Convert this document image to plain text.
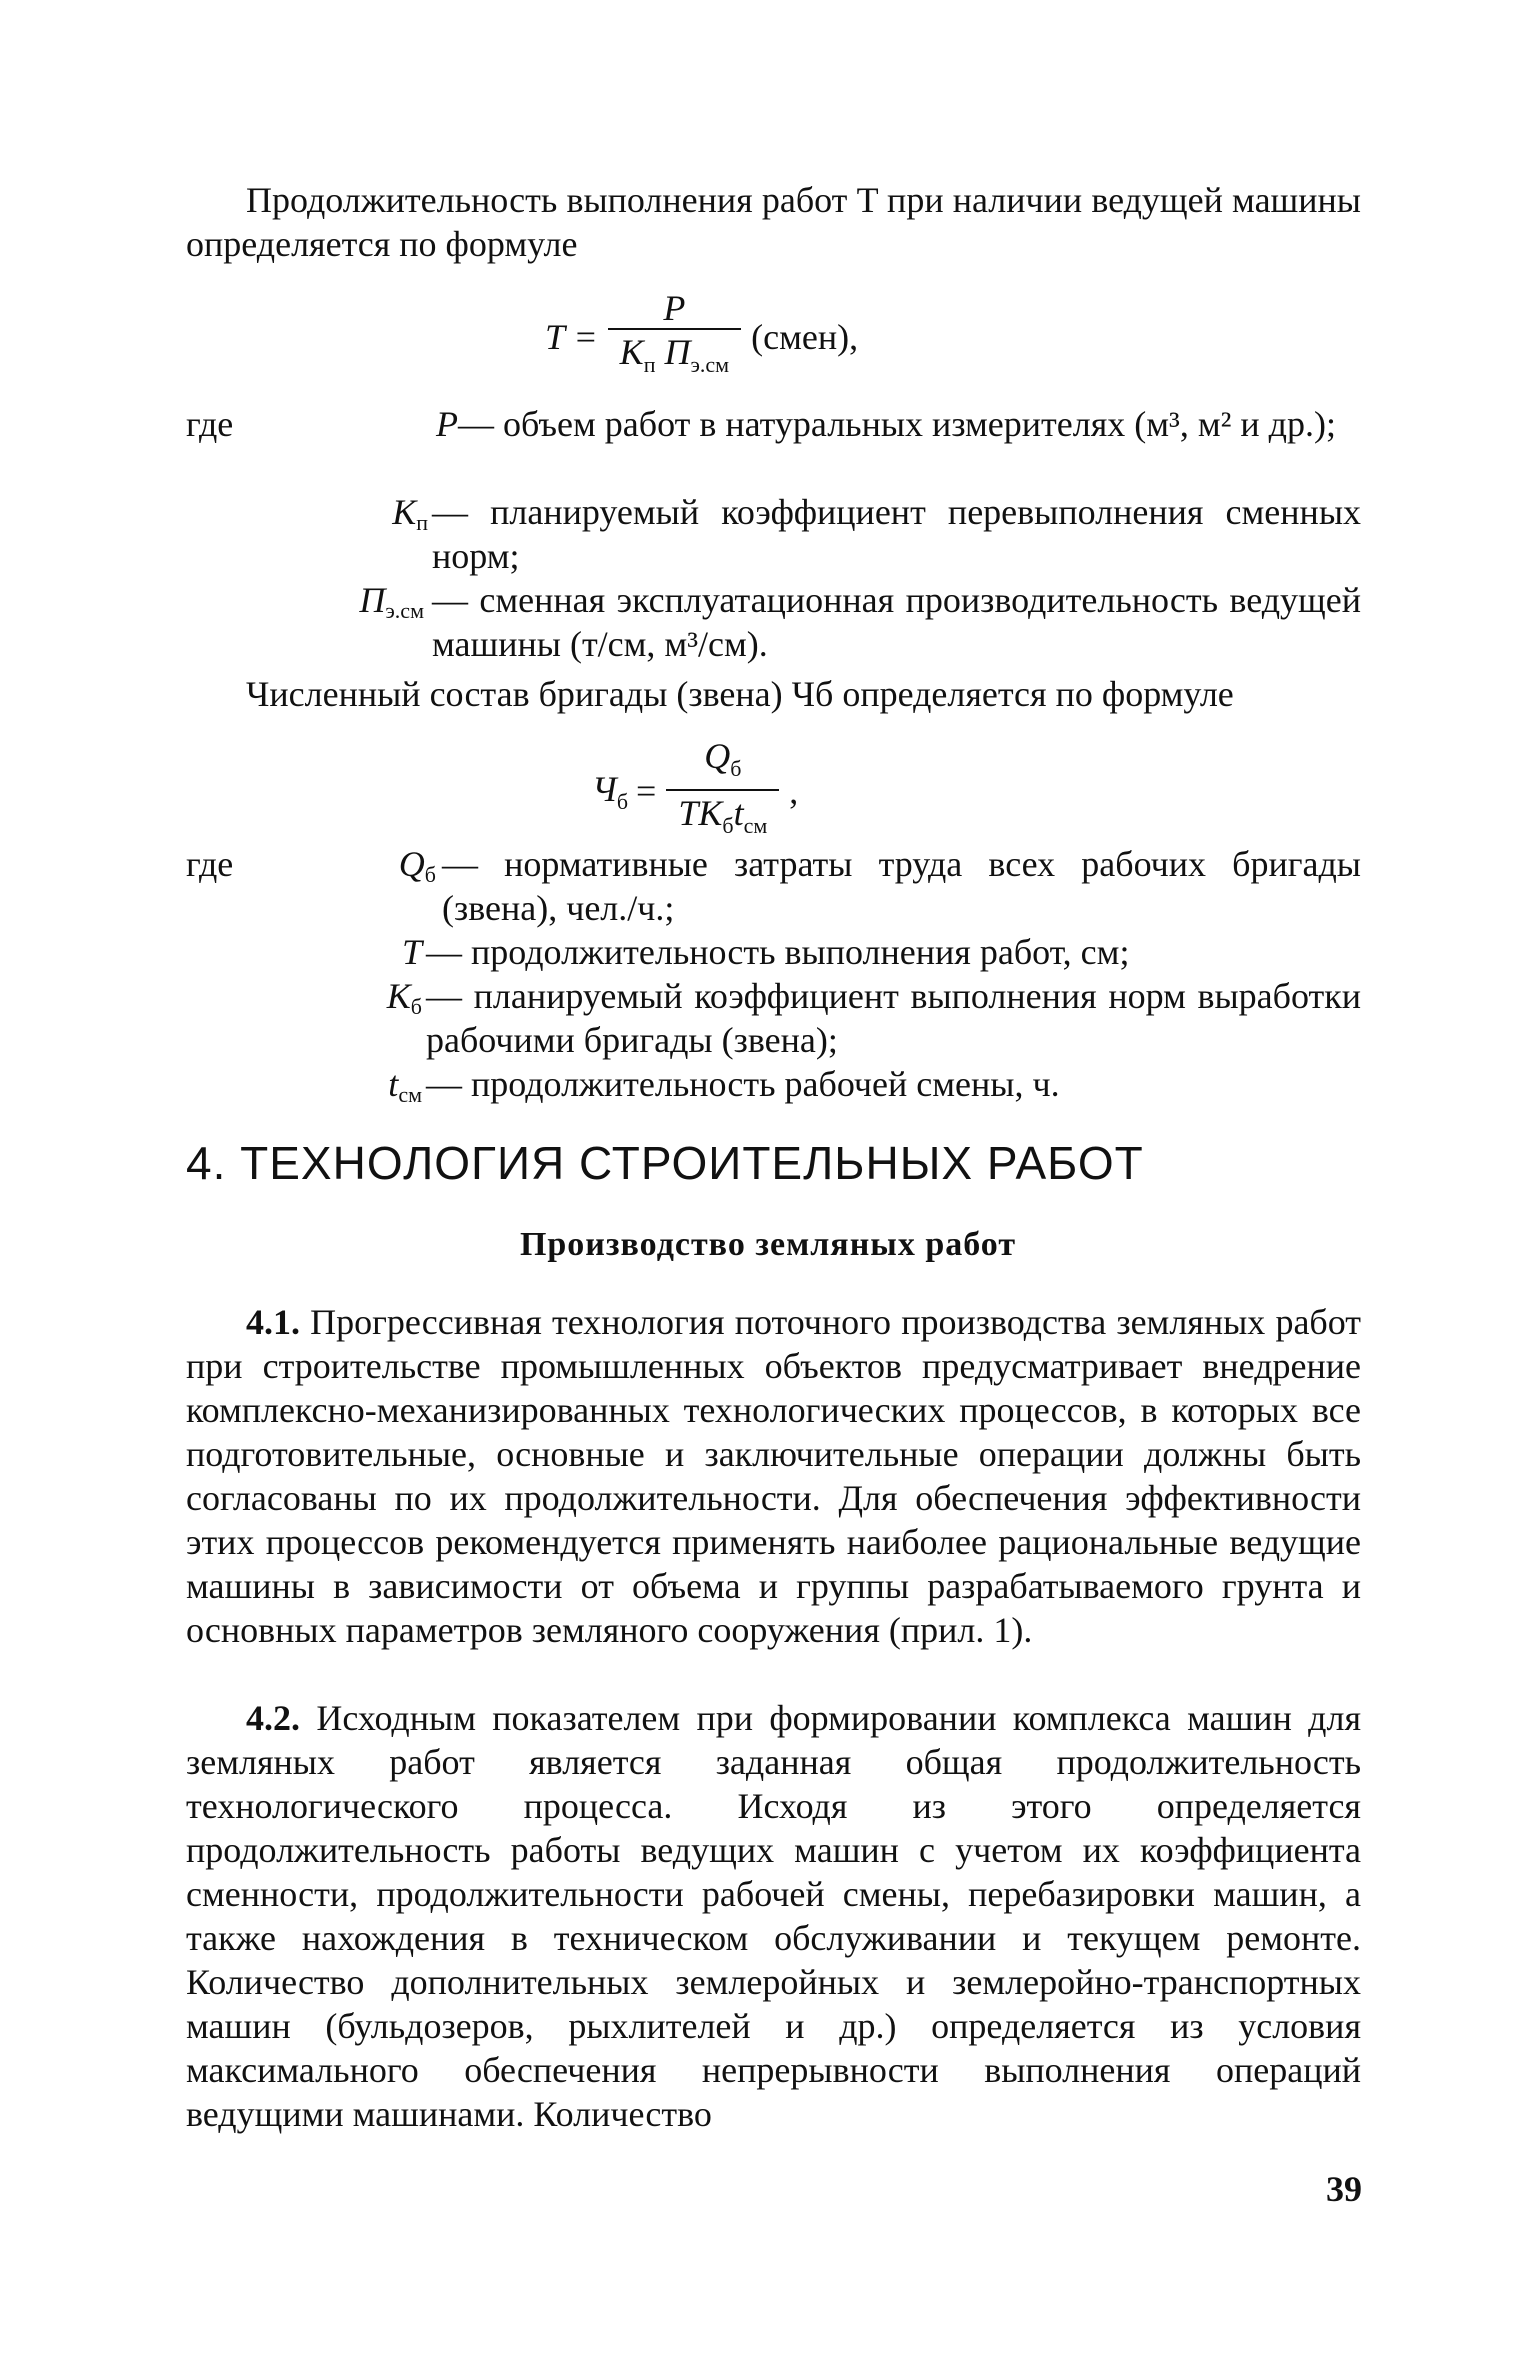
Продолжительность выполнения работ T при наличии ведущей машины определяется по формуле
$T = \frac{P}{K_п П_{э.см}}$ (смен),
где	P — объем работ в натуральных измерителях (м³, м² и др.);
$K_п$ — планируемый коэффициент перевыполнения сменных норм;
$П_{э.см}$ — сменная эксплуатационная производительность ведущей машины (т/см, м³/см).
Численный состав бригады (звена) Чб определяется по формуле
$Ч_б = \frac{Q_б}{TK_бt_{см}}$ ,
где	$Q_б$ — нормативные затраты труда всех рабочих бригады (звена), чел./ч.;
T — продолжительность выполнения работ, см;
$K_б$ — планируемый коэффициент выполнения норм выработки рабочими бригады (звена);
$t_{см}$ — продолжительность рабочей смены, ч.
4. ТЕХНОЛОГИЯ СТРОИТЕЛЬНЫХ РАБОТ
Производство земляных работ
4.1. Прогрессивная технология поточного производства земляных работ при строительстве промышленных объектов предусматривает внедрение комплексно-механизированных технологических процессов, в которых все подготовительные, основные и заключительные операции должны быть согласованы по их продолжительности. Для обеспечения эффективности этих процессов рекомендуется применять наиболее рациональные ведущие машины в зависимости от объема и группы разрабатываемого грунта и основных параметров земляного сооружения (прил. 1).
4.2. Исходным показателем при формировании комплекса машин для земляных работ является заданная общая продолжительность технологического процесса. Исходя из этого определяется продолжительность работы ведущих машин с учетом их коэффициента сменности, продолжительности рабочей смены, перебазировки машин, а также нахождения в техническом обслуживании и текущем ремонте. Количество дополнительных землеройных и землеройно-транспортных машин (бульдозеров, рыхлителей и др.) определяется из условия максимального обеспечения непрерывности выполнения операций ведущими машинами. Количество
39
